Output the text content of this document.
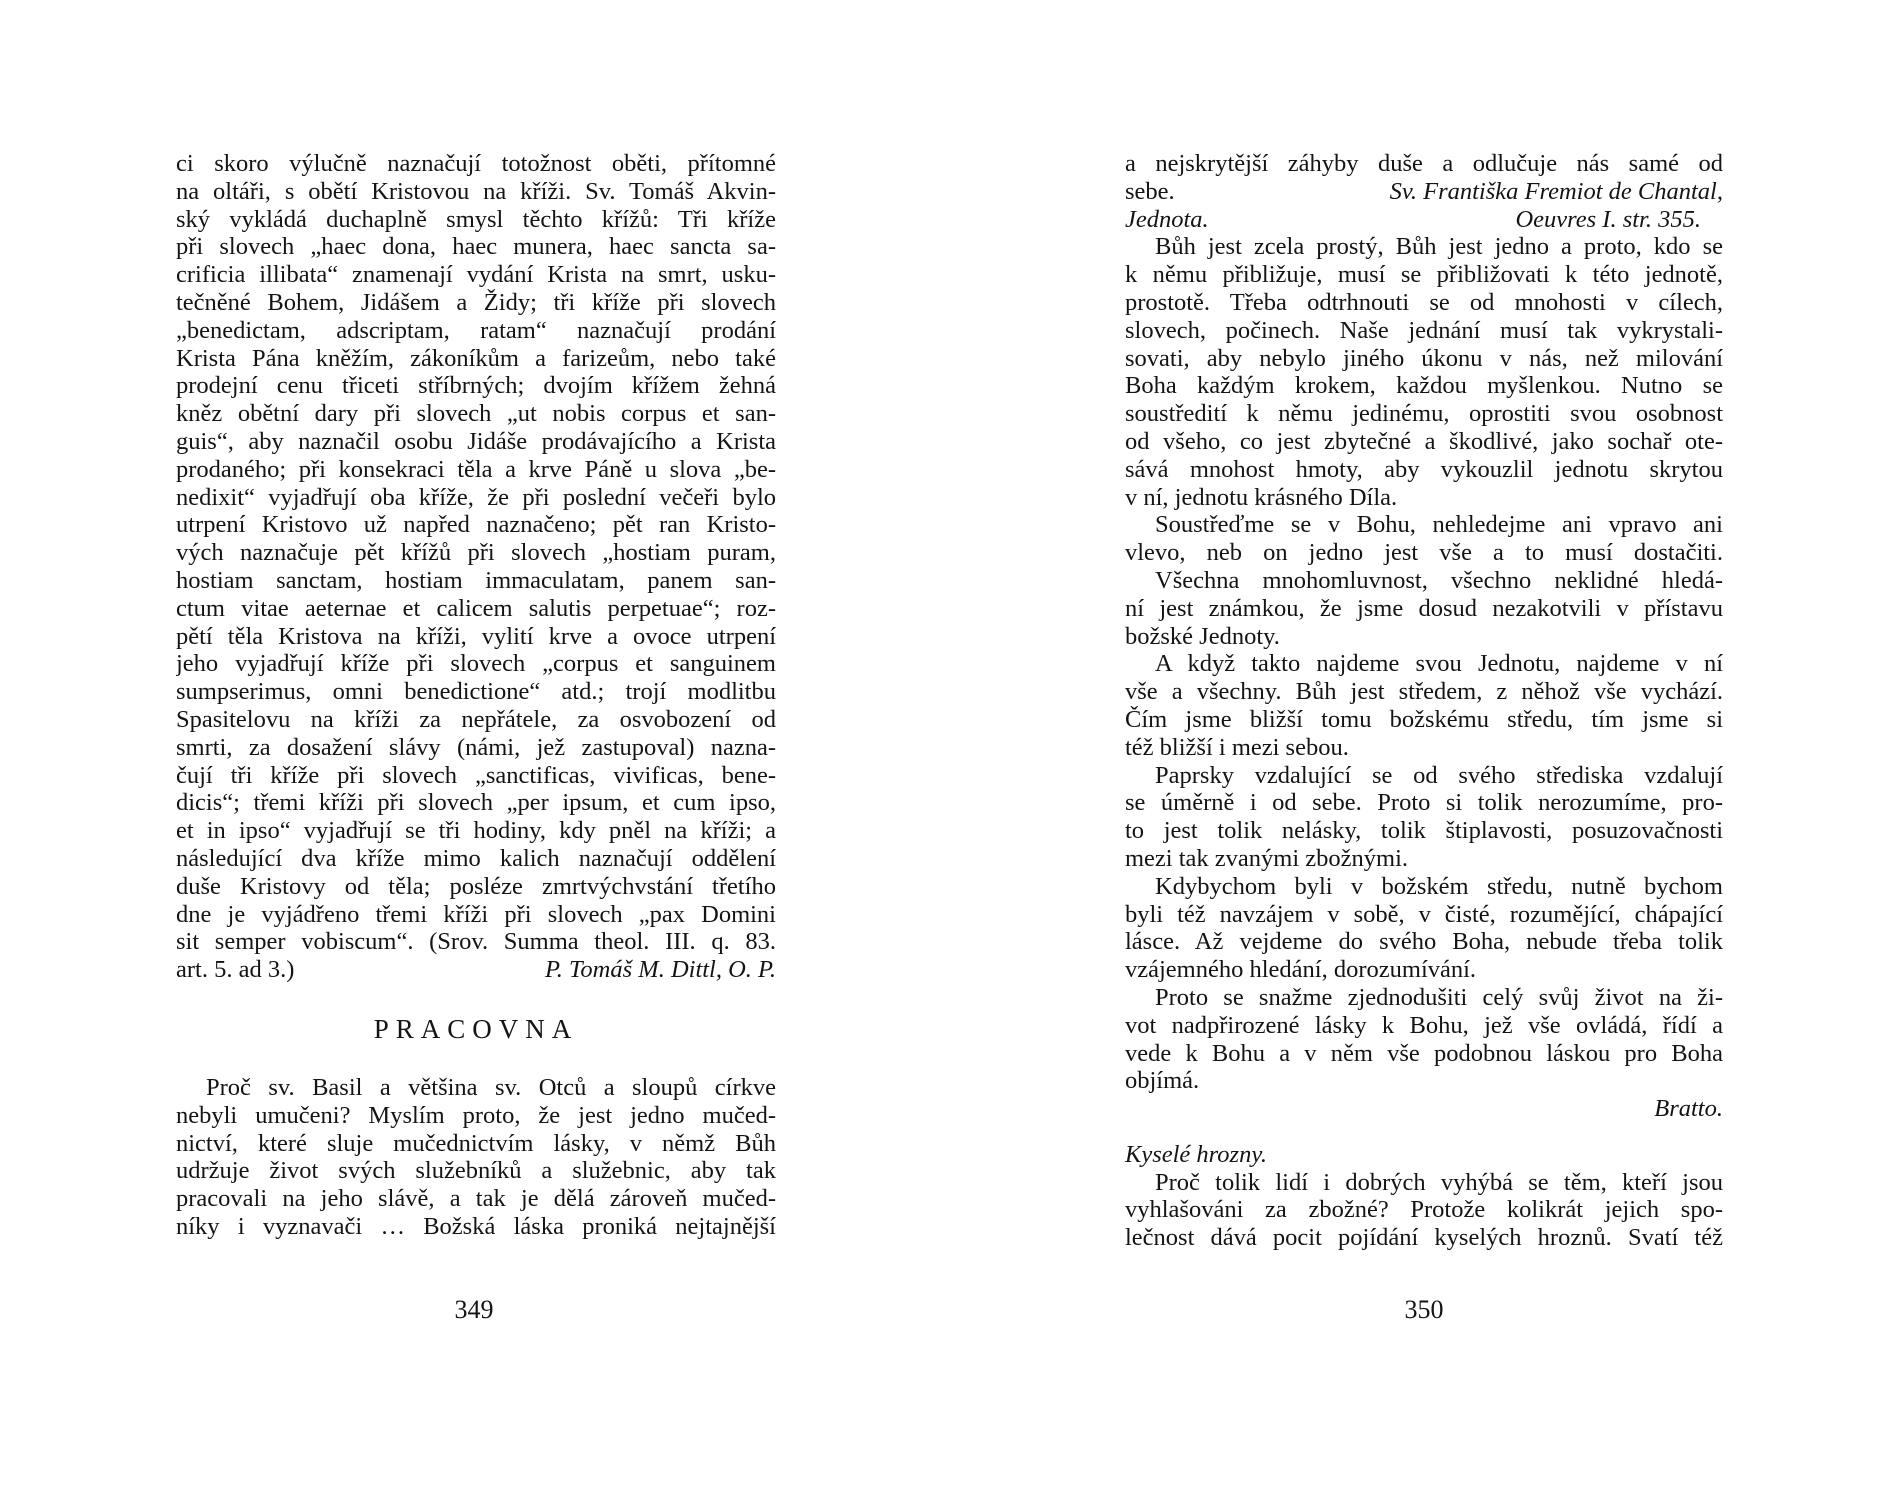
ci skoro výlučně naznačují totožnost oběti, přítomné
na oltáři, s obětí Kristovou na kříži. Sv. Tomáš Akvin-
ský vykládá duchaplně smysl těchto křížů: Tři kříže
při slovech „haec dona, haec munera, haec sancta sa-
crificia illibata“ znamenají vydání Krista na smrt, usku-
tečněné Bohem, Jidášem a Židy; tři kříže při slovech
„benedictam, adscriptam, ratam“ naznačují prodání
Krista Pána kněžím, zákoníkům a farizeům, nebo také
prodejní cenu třiceti stříbrných; dvojím křížem žehná
kněz obětní dary při slovech „ut nobis corpus et san-
guis“, aby naznačil osobu Jidáše prodávajícího a Krista
prodaného; při konsekraci těla a krve Páně u slova „be-
nedixit“ vyjadřují oba kříže, že při poslední večeři bylo
utrpení Kristovo už napřed naznačeno; pět ran Kristo-
vých naznačuje pět křížů při slovech „hostiam puram,
hostiam sanctam, hostiam immaculatam, panem san-
ctum vitae aeternae et calicem salutis perpetuae“; roz-
pětí těla Kristova na kříži, vylití krve a ovoce utrpení
jeho vyjadřují kříže při slovech „corpus et sanguinem
sumpserimus, omni benedictione“ atd.; trojí modlitbu
Spasitelovu na kříži za nepřátele, za osvobození od
smrti, za dosažení slávy (námi, jež zastupoval) nazna-
čují tři kříže při slovech „sanctificas, vivificas, bene-
dicis“; třemi kříži při slovech „per ipsum, et cum ipso,
et in ipso“ vyjadřují se tři hodiny, kdy pněl na kříži; a
následující dva kříže mimo kalich naznačují oddělení
duše Kristovy od těla; posléze zmrtvýchvstání třetího
dne je vyjádřeno třemi kříži při slovech „pax Domini
sit semper vobiscum“. (Srov. Summa theol. III. q. 83.
art. 5. ad 3.)	P. Tomáš M. Dittl, O. P.
PRACOVNA
Proč sv. Basil a většina sv. Otců a sloupů církve
nebyli umučeni? Myslím proto, že jest jedno mučed-
nictví, které sluje mučednictvím lásky, v němž Bůh
udržuje život svých služebníků a služebnic, aby tak
pracovali na jeho slávě, a tak je dělá zároveň mučed-
níky i vyznavači … Božská láska proniká nejtajnější
349
a nejskrytější záhyby duše a odlučuje nás samé od
sebe.	Sv. Františka Fremiot de Chantal,
Jednota.	Oeuvres I. str. 355.
Bůh jest zcela prostý, Bůh jest jedno a proto, kdo se
k němu přibližuje, musí se přibližovati k této jednotě,
prostotě. Třeba odtrhnouti se od mnohosti v cílech,
slovech, počinech. Naše jednání musí tak vykrystali-
sovati, aby nebylo jiného úkonu v nás, než milování
Boha každým krokem, každou myšlenkou. Nutno se
soustředití k němu jedinému, oprostiti svou osobnost
od všeho, co jest zbytečné a škodlivé, jako sochař ote-
sává mnohost hmoty, aby vykouzlil jednotu skrytou
v ní, jednotu krásného Díla.
Soustřeďme se v Bohu, nehledejme ani vpravo ani
vlevo, neb on jedno jest vše a to musí dostačiti.
Všechna mnohomluvnost, všechno neklidné hledá-
ní jest známkou, že jsme dosud nezakotvili v přístavu
božské Jednoty.
A když takto najdeme svou Jednotu, najdeme v ní
vše a všechny. Bůh jest středem, z něhož vše vychází.
Čím jsme bližší tomu božskému středu, tím jsme si
též bližší i mezi sebou.
Paprsky vzdalující se od svého střediska vzdalují
se úměrně i od sebe. Proto si tolik nerozumíme, pro-
to jest tolik nelásky, tolik štiplavosti, posuzovačnosti
mezi tak zvanými zbožnými.
Kdybychom byli v božském středu, nutně bychom
byli též navzájem v sobě, v čisté, rozumějící, chápající
lásce. Až vejdeme do svého Boha, nebude třeba tolik
vzájemného hledání, dorozumívání.
Proto se snažme zjednodušiti celý svůj život na ži-
vot nadpřirozené lásky k Bohu, jež vše ovládá, řídí a
vede k Bohu a v něm vše podobnou láskou pro Boha
objímá.
Bratto.
Kyselé hrozny.
Proč tolik lidí i dobrých vyhýbá se těm, kteří jsou
vyhlašováni za zbožné? Protože kolikrát jejich spo-
lečnost dává pocit pojídání kyselých hroznů. Svatí též
350
